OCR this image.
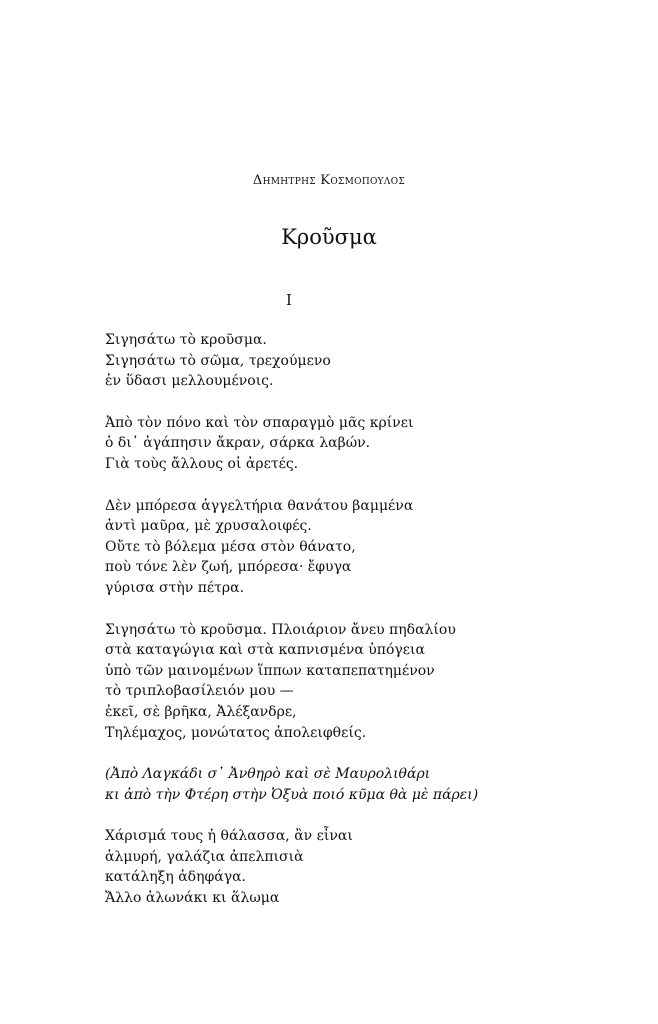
Δημητρης Κοσμοπουλος
Κροῦσμα
I
Σιγησάτω τὸ κροῦσμα.
Σιγησάτω τὸ σῶμα, τρεχούμενο
ἐν ὕδασι μελλουμένοις.
Ἀπὸ τὸν πόνο καὶ τὸν σπαραγμὸ μᾶς κρίνει
ὁ δι᾽ ἀγάπησιν ἄκραν, σάρκα λαβών.
Γιὰ τοὺς ἄλλους οἱ ἀρετές.
Δὲν μπόρεσα ἀγγελτήρια θανάτου βαμμένα
ἀντὶ μαῦρα, μὲ χρυσαλοιφές.
Οὔτε τὸ βόλεμα μέσα στὸν θάνατο,
ποὺ τόνε λὲν ζωή, μπόρεσα· ἔφυγα
γύρισα στὴν πέτρα.
Σιγησάτω τὸ κροῦσμα. Πλοιάριον ἄνευ πηδαλίου
στὰ καταγώγια καὶ στὰ καπνισμένα ὑπόγεια
ὑπὸ τῶν μαινομένων ἵππων καταπεπατημένον
τὸ τριπλοβασίλειόν μου —
ἐκεῖ, σὲ βρῆκα, Ἀλέξανδρε,
Τηλέμαχος, μονώτατος ἀπολειφθείς.
(Ἀπὸ Λαγκάδι σ᾽ Ἀνθηρὸ καὶ σὲ Μαυρολιθάρι
κι ἀπὸ τὴν Φτέρη στὴν Ὀξυὰ ποιό κῦμα θὰ μὲ πάρει)
Χάρισμά τους ἡ θάλασσα, ἂν εἶναι
ἁλμυρή, γαλάζια ἀπελπισιὰ
κατάληξη ἀδηφάγα.
Ἄλλο ἁλωνάκι κι ἅλωμα
